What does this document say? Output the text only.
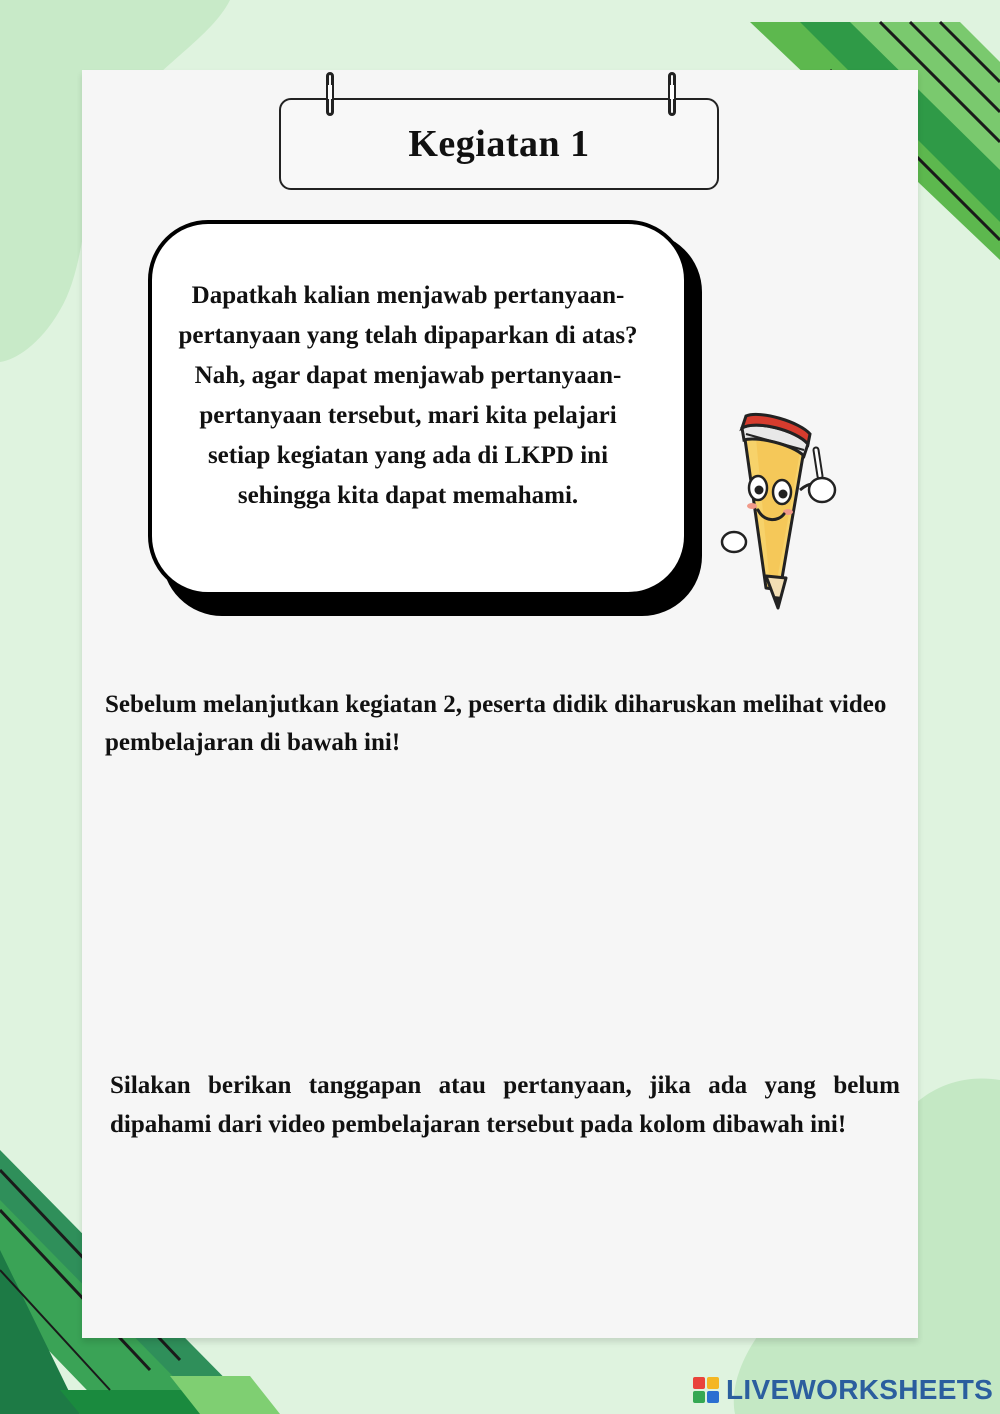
Kegiatan 1
Dapatkah kalian menjawab pertanyaan-
pertanyaan yang telah dipaparkan di atas?
Nah, agar dapat menjawab pertanyaan-
pertanyaan tersebut, mari kita pelajari
setiap kegiatan yang ada di LKPD ini
sehingga kita dapat memahami.
Sebelum melanjutkan kegiatan 2, peserta didik diharuskan melihat video pembelajaran di bawah ini!
Silakan berikan tanggapan atau pertanyaan, jika ada yang belum dipahami dari video pembelajaran tersebut pada kolom dibawah ini!
LIVEWORKSHEETS
